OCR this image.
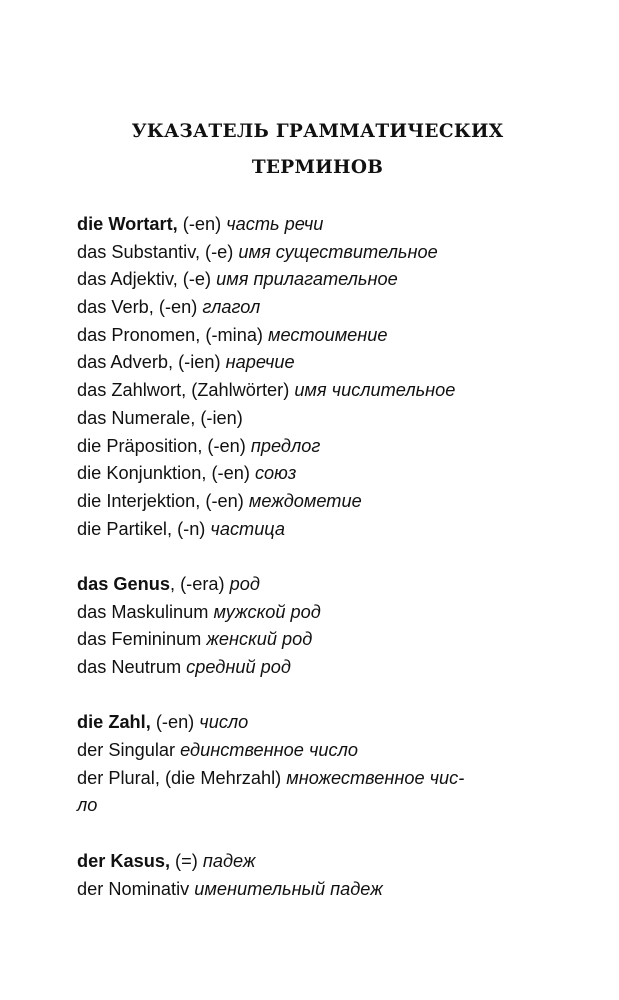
УКАЗАТЕЛЬ ГРАММАТИЧЕСКИХ
ТЕРМИНОВ
die Wortart, (-en) часть речи
das Substantiv, (-e) имя существительное
das Adjektiv, (-e) имя прилагательное
das Verb, (-en) глагол
das Pronomen, (-mina) местоимение
das Adverb, (-ien) наречие
das Zahlwort, (Zahlwörter) имя числительное
das Numerale, (-ien)
die Präposition, (-en) предлог
die Konjunktion, (-en) союз
die Interjektion, (-en) междометие
die Partikel, (-n) частица
das Genus, (-era) род
das Maskulinum мужской род
das Femininum женский род
das Neutrum средний род
die Zahl, (-en) число
der Singular единственное число
der Plural, (die Mehrzahl) множественное чис-
ло
der Kasus, (=) падеж
der Nominativ именительный падеж
